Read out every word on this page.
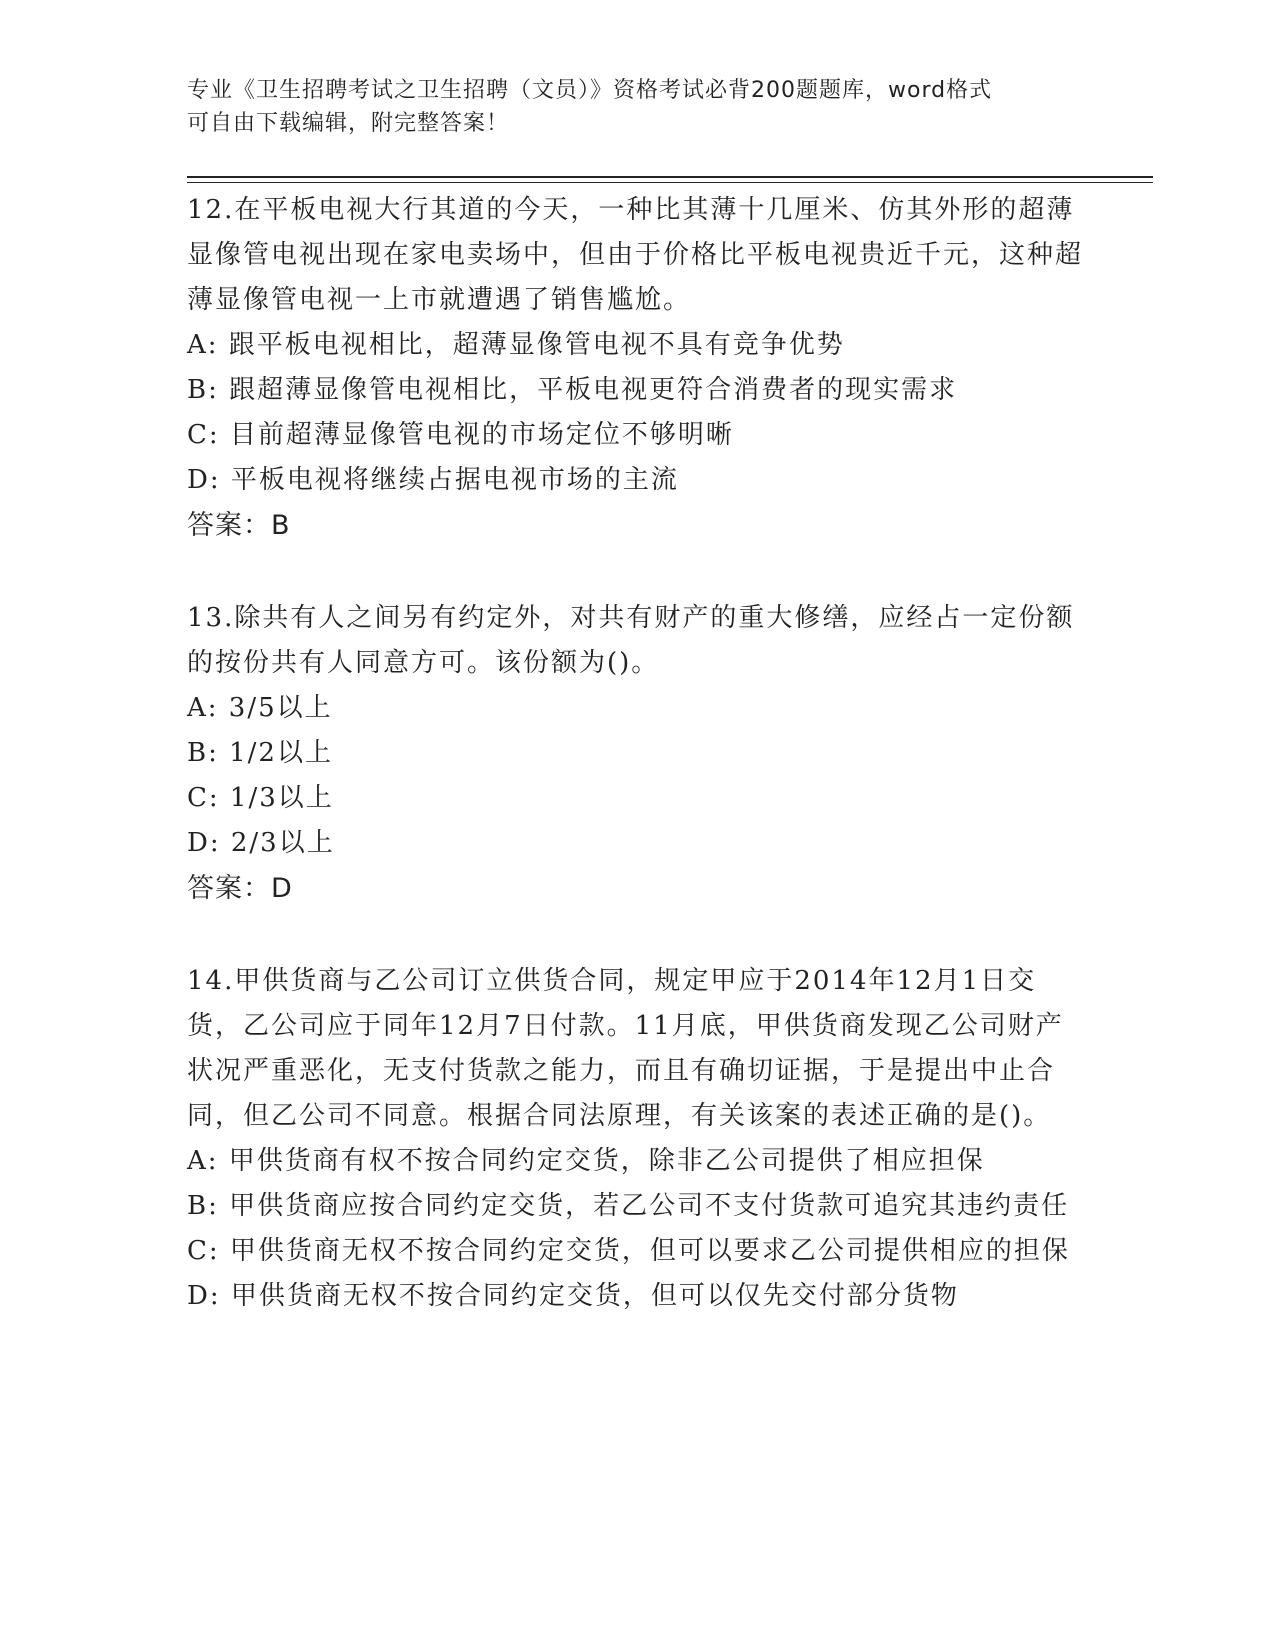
专业《卫生招聘考试之卫生招聘（文员）》资格考试必背200题题库，word格式
可自由下载编辑，附完整答案！

12.在平板电视大行其道的今天，一种比其薄十几厘米、仿其外形的超薄显像管电视出现在家电卖场中，但由于价格比平板电视贵近千元，这种超薄显像管电视一上市就遭遇了销售尴尬。

A: 跟平板电视相比，超薄显像管电视不具有竞争优势

B: 跟超薄显像管电视相比，平板电视更符合消费者的现实需求

C: 目前超薄显像管电视的市场定位不够明晰

D: 平板电视将继续占据电视市场的主流

答案：B

13.除共有人之间另有约定外，对共有财产的重大修缮，应经占一定份额的按份共有人同意方可。该份额为()。

A: 3/5以上

B: 1/2以上

C: 1/3以上

D: 2/3以上

答案：D

14.甲供货商与乙公司订立供货合同，规定甲应于2014年12月1日交货，乙公司应于同年12月7日付款。11月底，甲供货商发现乙公司财产状况严重恶化，无支付货款之能力，而且有确切证据，于是提出中止合同，但乙公司不同意。根据合同法原理，有关该案的表述正确的是()。

A: 甲供货商有权不按合同约定交货，除非乙公司提供了相应担保

B: 甲供货商应按合同约定交货，若乙公司不支付货款可追究其违约责任

C: 甲供货商无权不按合同约定交货，但可以要求乙公司提供相应的担保

D: 甲供货商无权不按合同约定交货，但可以仅先交付部分货物
